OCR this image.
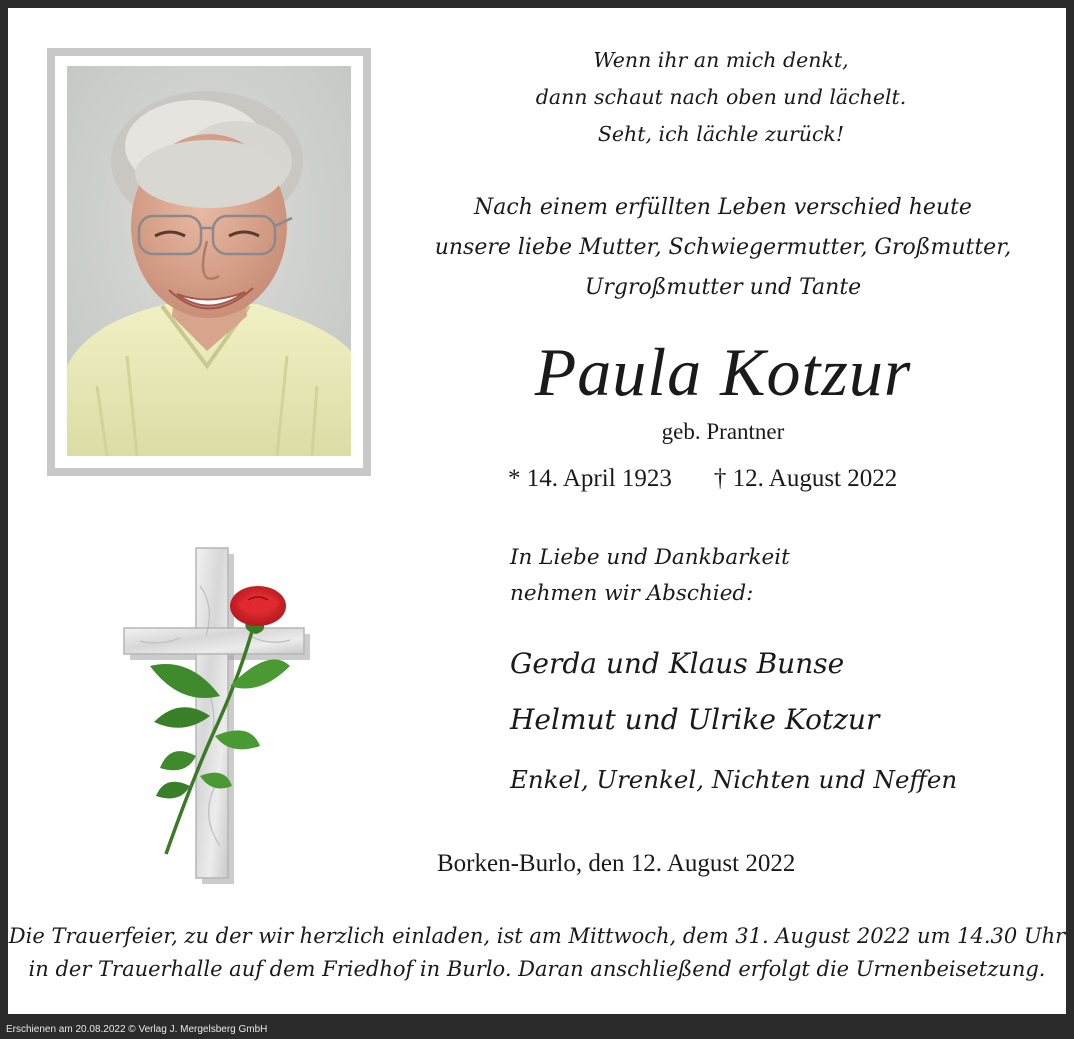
Wenn ihr an mich denkt,
dann schaut nach oben und lächelt.
Seht, ich lächle zurück!
Nach einem erfüllten Leben verschied heute
unsere liebe Mutter, Schwiegermutter, Großmutter,
Urgroßmutter und Tante
Paula Kotzur
geb. Prantner
* 14. April 1923 † 12. August 2022
In Liebe und Dankbarkeit
nehmen wir Abschied:
Gerda und Klaus Bunse
Helmut und Ulrike Kotzur
Enkel, Urenkel, Nichten und Neffen
Borken-Burlo, den 12. August 2022
Die Trauerfeier, zu der wir herzlich einladen, ist am Mittwoch, dem 31. August 2022 um 14.30 Uhr
in der Trauerhalle auf dem Friedhof in Burlo. Daran anschließend erfolgt die Urnenbeisetzung.
Erschienen am 20.08.2022 © Verlag J. Mergelsberg GmbH
